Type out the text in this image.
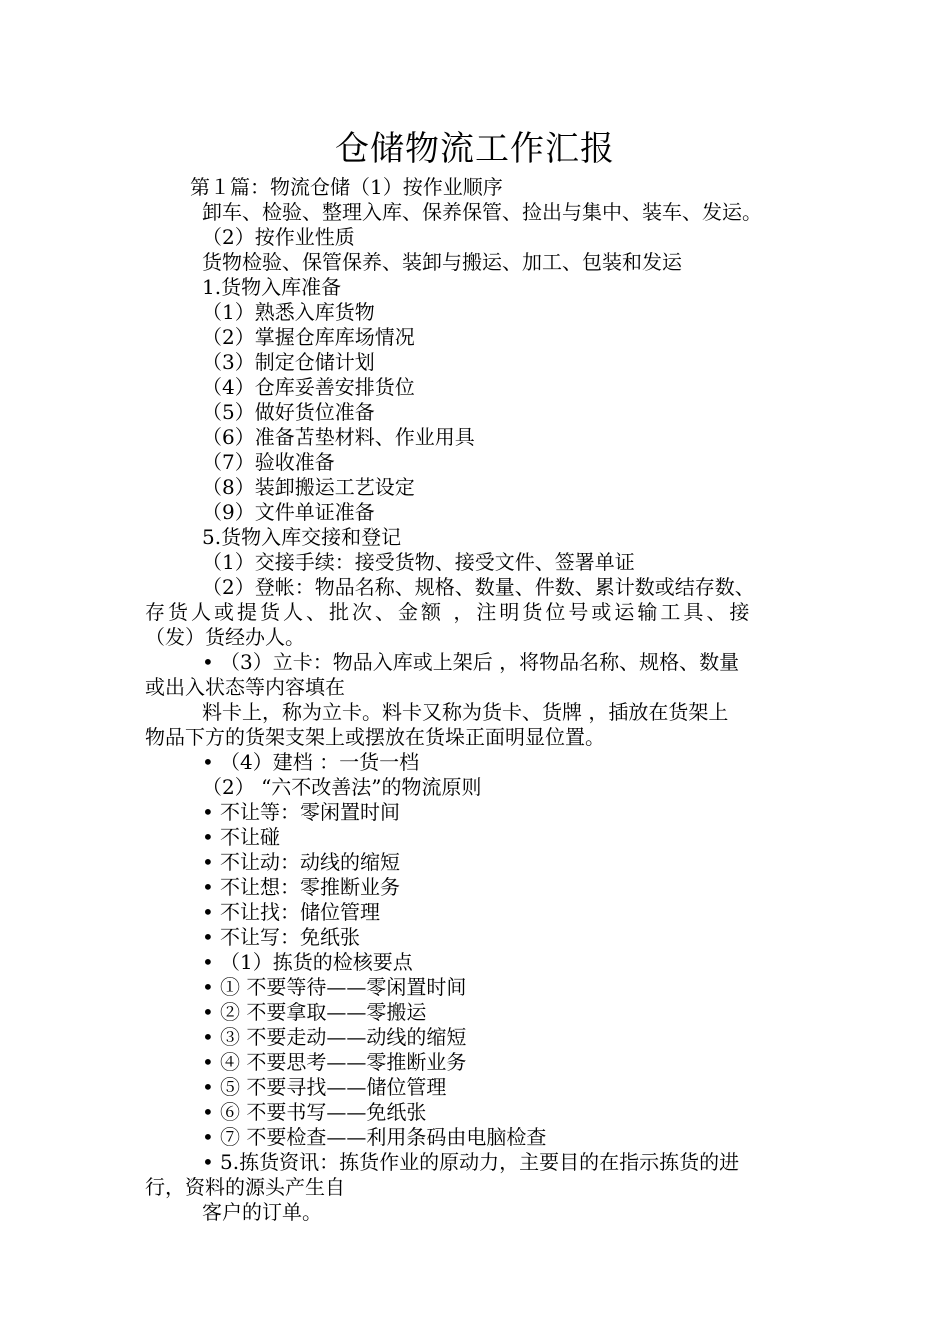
仓储物流工作汇报
第１篇：物流仓储（1）按作业顺序
卸车、检验、整理入库、保养保管、捡出与集中、装车、发运。
（2）按作业性质
货物检验、保管保养、装卸与搬运、加工、包装和发运
1.货物入库准备
（1）熟悉入库货物
（2）掌握仓库库场情况
（3）制定仓储计划
（4）仓库妥善安排货位
（5）做好货位准备
（6）准备苫垫材料、作业用具
（7）验收准备
（8）装卸搬运工艺设定
（9）文件单证准备
5.货物入库交接和登记
（1）交接手续：接受货物、接受文件、签署单证
（2）登帐：物品名称、规格、数量、件数、累计数或结存数、
存货人或提货人、批次、金额 ，注明货位号或运输工具、接
（发）货经办人。
• （3）立卡：物品入库或上架后 ，将物品名称、规格、数量
或出入状态等内容填在
料卡上，称为立卡。料卡又称为货卡、货牌 ，插放在货架上
物品下方的货架支架上或摆放在货垛正面明显位置。
• （4）建档 ：一货一档
（2） “六不改善法”的物流原则
• 不让等：零闲置时间
• 不让碰
• 不让动：动线的缩短
• 不让想：零推断业务
• 不让找：储位管理
• 不让写：免纸张
• （1）拣货的检核要点
• ① 不要等待——零闲置时间
• ② 不要拿取——零搬运
• ③ 不要走动——动线的缩短
• ④ 不要思考——零推断业务
• ⑤ 不要寻找——储位管理
• ⑥ 不要书写——免纸张
• ⑦ 不要检查——利用条码由电脑检查
• 5.拣货资讯：拣货作业的原动力，主要目的在指示拣货的进
行，资料的源头产生自
客户的订单。
